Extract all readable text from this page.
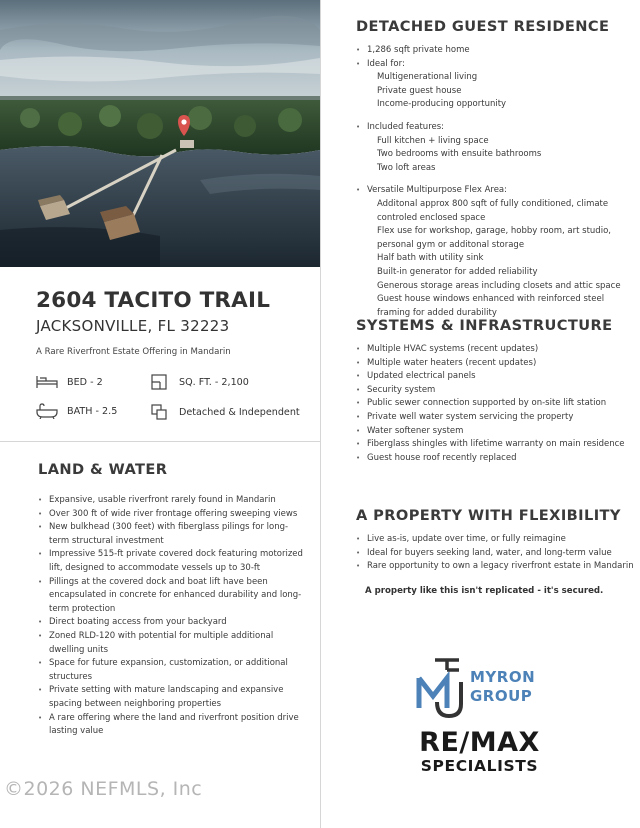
2604 TACITO TRAIL
JACKSONVILLE, FL 32223
A Rare Riverfront Estate Offering in Mandarin
BED - 2
BATH - 2.5
SQ. FT. - 2,100
Detached & Independent
LAND & WATER
• Expansive, usable riverfront rarely found in Mandarin
• Over 300 ft of wide river frontage offering sweeping views
• New bulkhead (300 feet) with fiberglass pilings for long-term structural investment
• Impressive 515-ft private covered dock featuring motorized lift, designed to accommodate vessels up to 30-ft
• Pillings at the covered dock and boat lift have been encapsulated in concrete for enhanced durability and long-term protection
• Direct boating access from your backyard
• Zoned RLD-120 with potential for multiple additional dwelling units
• Space for future expansion, customization, or additional structures
• Private setting with mature landscaping and expansive spacing between neighboring properties
• A rare offering where the land and riverfront position drive lasting value
©2026 NEFMLS, Inc
DETACHED GUEST RESIDENCE
• 1,286 sqft private home
• Ideal for:
Multigenerational living
Private guest house
Income-producing opportunity
• Included features:
Full kitchen + living space
Two bedrooms with ensuite bathrooms
Two loft areas
• Versatile Multipurpose Flex Area:
Additonal approx 800 sqft of fully conditioned, climate controled enclosed space
Flex use for workshop, garage, hobby room, art studio, personal gym or additonal storage
Half bath with utility sink
Built-in generator for added reliability
Generous storage areas including closets and attic space
Guest house windows enhanced with reinforced steel framing for added durability
SYSTEMS & INFRASTRUCTURE
• Multiple HVAC systems (recent updates)
• Multiple water heaters (recent updates)
• Updated electrical panels
• Security system
• Public sewer connection supported by on-site lift station
• Private well water system servicing the property
• Water softener system
• Fiberglass shingles with lifetime warranty on main residence
• Guest house roof recently replaced
A PROPERTY WITH FLEXIBILITY
• Live as-is, update over time, or fully reimagine
• Ideal for buyers seeking land, water, and long-term value
• Rare opportunity to own a legacy riverfront estate in Mandarin
A property like this isn't replicated - it's secured.
MYRON
GROUP
RE/MAX
SPECIALISTS
